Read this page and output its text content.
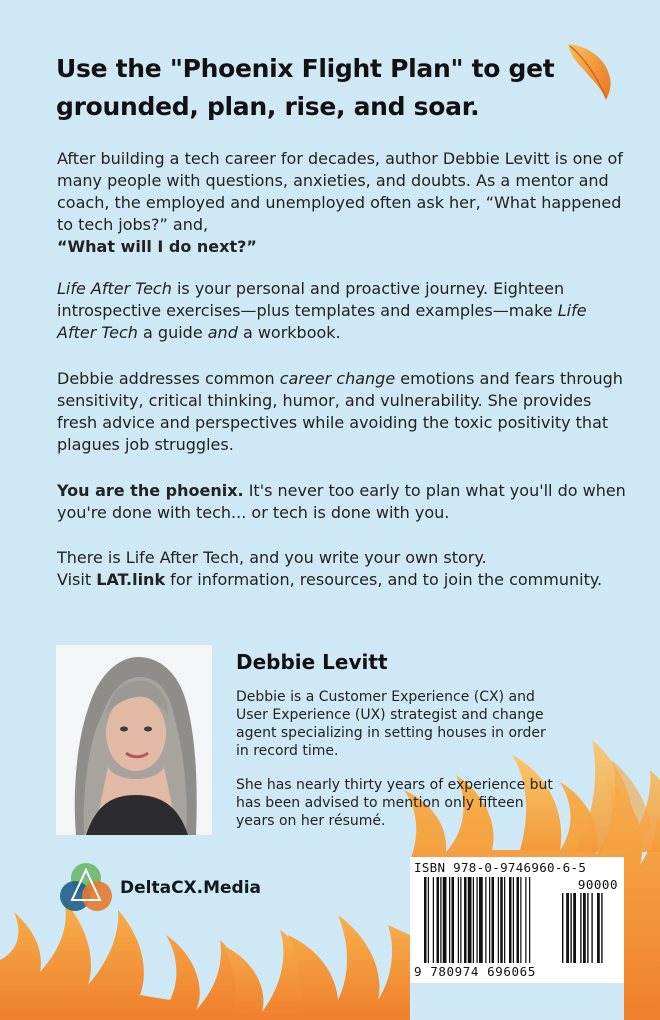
Use the "Phoenix Flight Plan" to get grounded, plan, rise, and soar.

After building a tech career for decades, author Debbie Levitt is one of many people with questions, anxieties, and doubts. As a mentor and coach, the employed and unemployed often ask her, “What happened to tech jobs?” and,
“What will I do next?”

Life After Tech is your personal and proactive journey. Eighteen introspective exercises—plus templates and examples—make Life After Tech a guide and a workbook.

Debbie addresses common career change emotions and fears through sensitivity, critical thinking, humor, and vulnerability. She provides fresh advice and perspectives while avoiding the toxic positivity that plagues job struggles.

You are the phoenix. It's never too early to plan what you'll do when you're done with tech... or tech is done with you.

There is Life After Tech, and you write your own story.
Visit LAT.link for information, resources, and to join the community.

Debbie Levitt

Debbie is a Customer Experience (CX) and User Experience (UX) strategist and change agent specializing in setting houses in order in record time.

She has nearly thirty years of experience but has been advised to mention only fifteen years on her résumé.

DeltaCX.Media
ISBN 978-0-9746960-6-5
90000
9 780974 696065
